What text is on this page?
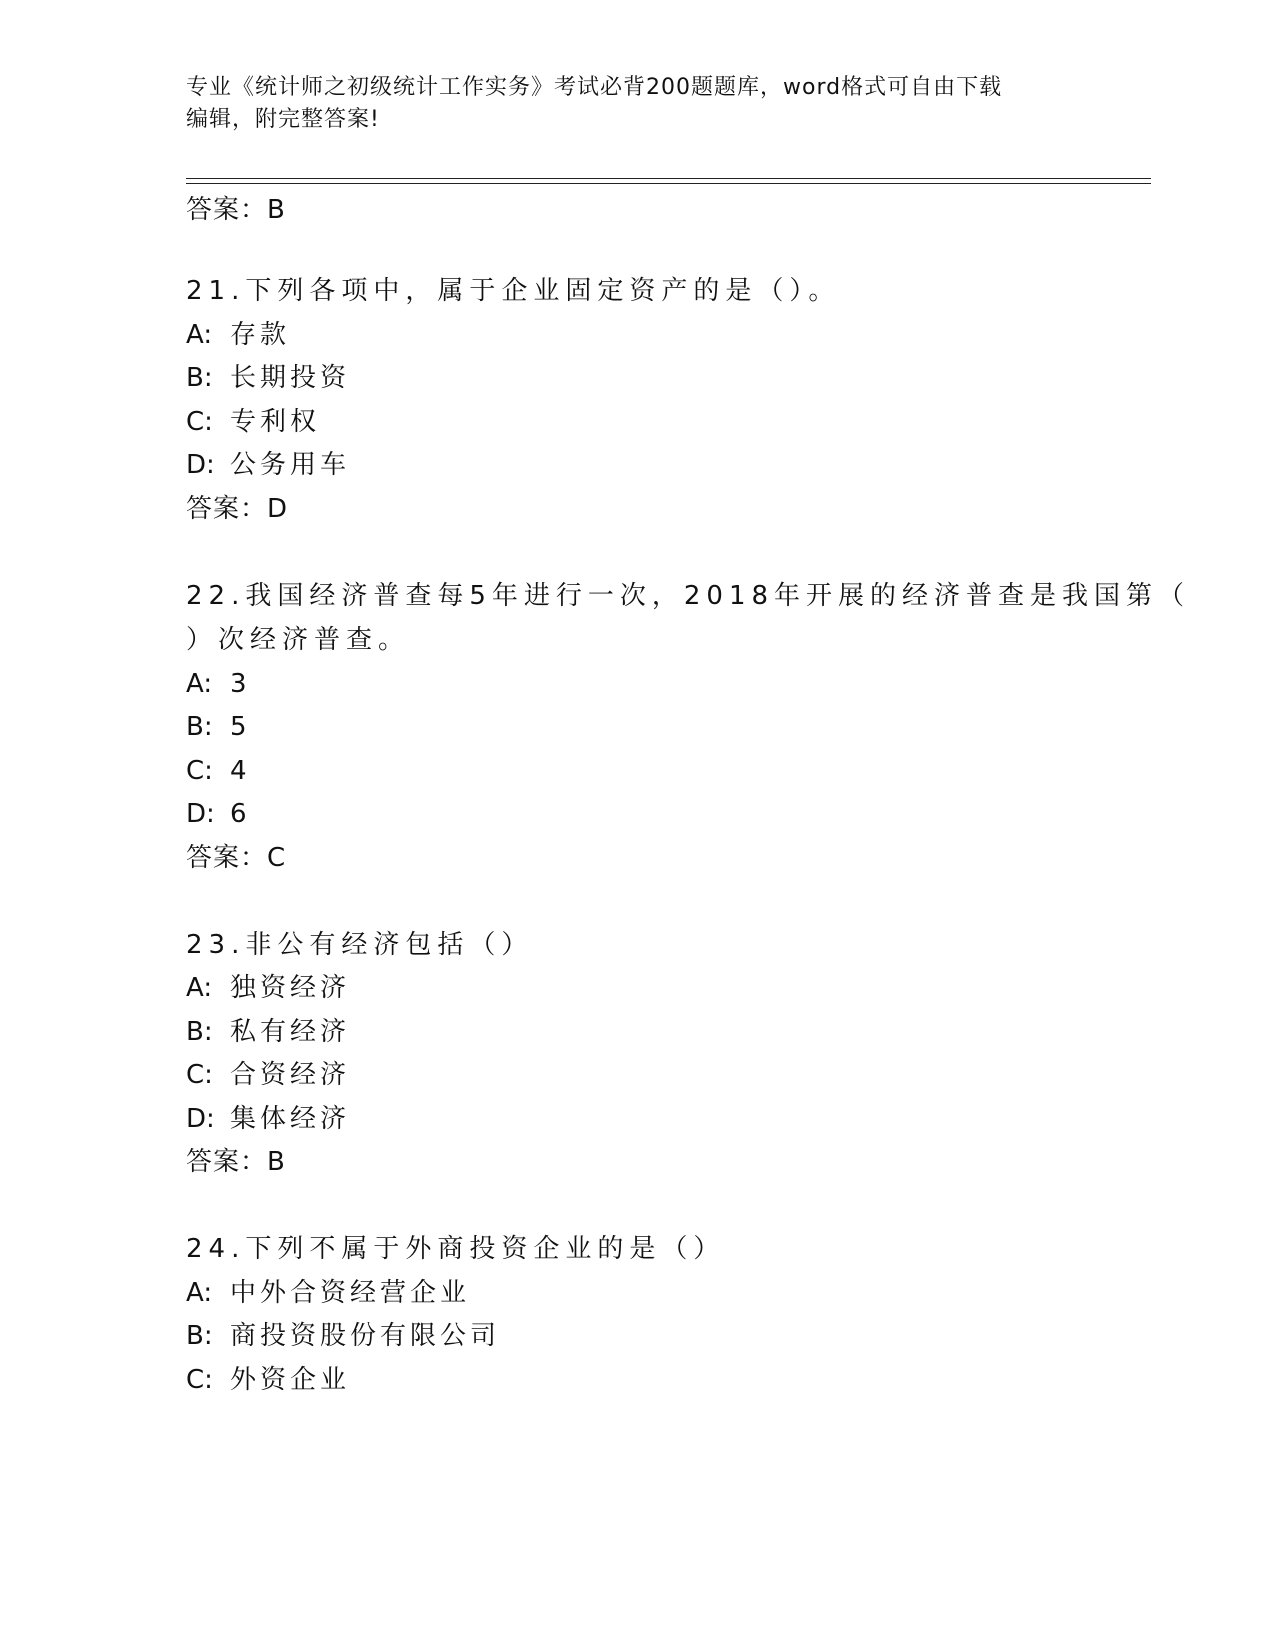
专业《统计师之初级统计工作实务》考试必背200题题库，word格式可自由下载
编辑，附完整答案!
答案：B
21.下列各项中，属于企业固定资产的是（）。
A: 存款
B: 长期投资
C: 专利权
D: 公务用车
答案：D
22.我国经济普查每5年进行一次，2018年开展的经济普查是我国第（
）次经济普查。
A: 3
B: 5
C: 4
D: 6
答案：C
23.非公有经济包括（）
A: 独资经济
B: 私有经济
C: 合资经济
D: 集体经济
答案：B
24.下列不属于外商投资企业的是（）
A: 中外合资经营企业
B: 商投资股份有限公司
C: 外资企业
